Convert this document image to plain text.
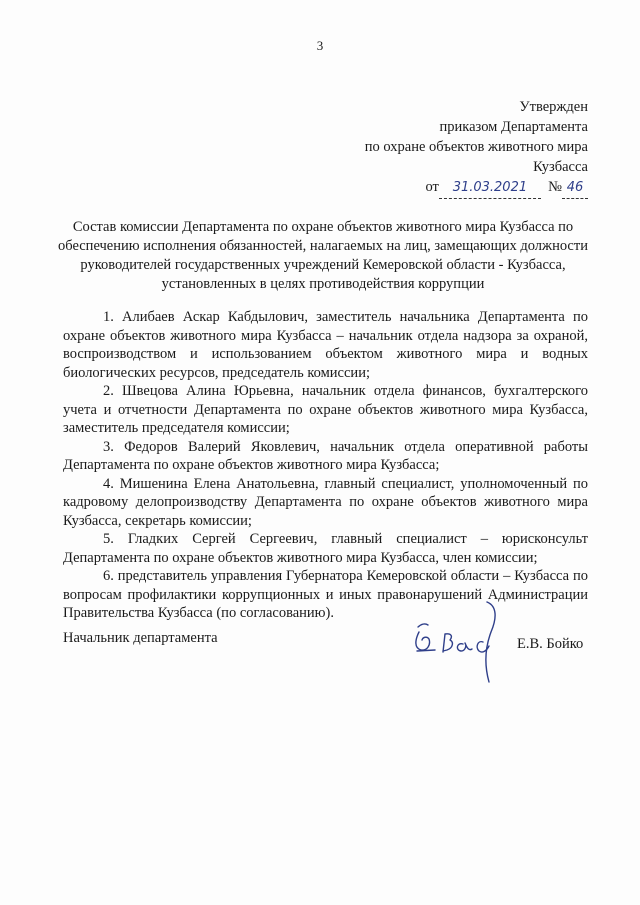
3
Утвержден
приказом Департамента
по охране объектов животного мира
Кузбасса
от 31.03.2021 № 46
Состав комиссии Департамента по охране объектов животного мира Кузбасса по обеспечению исполнения обязанностей, налагаемых на лиц, замещающих должности руководителей государственных учреждений Кемеровской области - Кузбасса, установленных в целях противодействия коррупции

1. Алибаев Аскар Кабдылович, заместитель начальника Департамента по охране объектов животного мира Кузбасса – начальник отдела надзора за охраной, воспроизводством и использованием объектом животного мира и водных биологических ресурсов, председатель комиссии;

2. Швецова Алина Юрьевна, начальник отдела финансов, бухгалтерского учета и отчетности Департамента по охране объектов животного мира Кузбасса, заместитель председателя комиссии;

3. Федоров Валерий Яковлевич, начальник отдела оперативной работы Департамента по охране объектов животного мира Кузбасса;

4. Мишенина Елена Анатольевна, главный специалист, уполномоченный по кадровому делопроизводству Департамента по охране объектов животного мира Кузбасса, секретарь комиссии;

5. Гладких Сергей Сергеевич, главный специалист – юрисконсульт Департамента по охране объектов животного мира Кузбасса, член комиссии;

6. представитель управления Губернатора Кемеровской области – Кузбасса по вопросам профилактики коррупционных и иных правонарушений Администрации Правительства Кузбасса (по согласованию).

Начальник департамента	Е.В. Бойко
